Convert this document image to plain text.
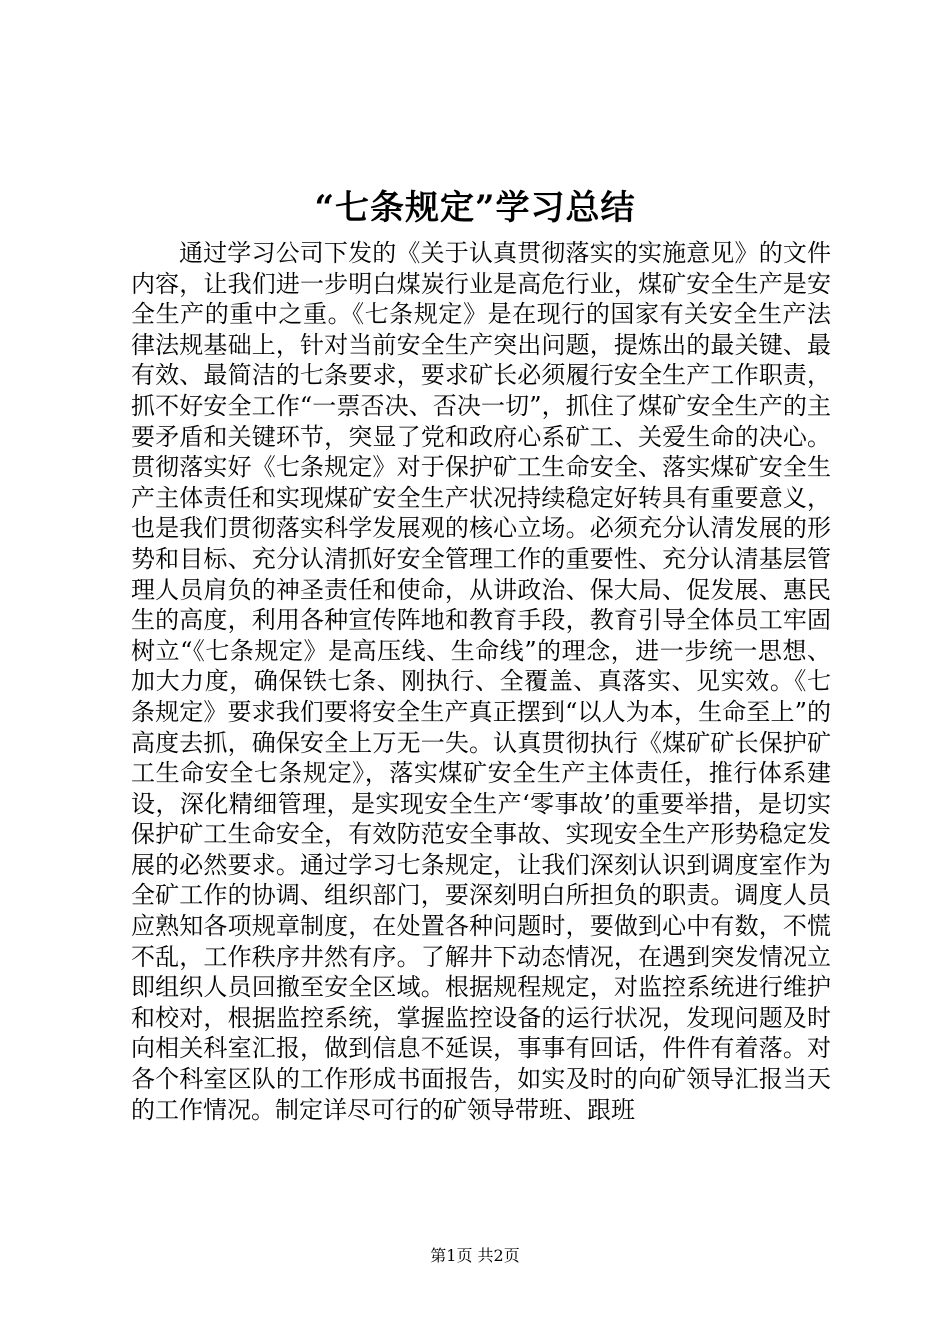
“七条规定”学习总结

通过学习公司下发的《关于认真贯彻落实的实施意见》的文件内容，让我们进一步明白煤炭行业是高危行业，煤矿安全生产是安全生产的重中之重。《七条规定》是在现行的国家有关安全生产法律法规基础上，针对当前安全生产突出问题，提炼出的最关键、最有效、最简洁的七条要求，要求矿长必须履行安全生产工作职责，抓不好安全工作“一票否决、否决一切”，抓住了煤矿安全生产的主要矛盾和关键环节，突显了党和政府心系矿工、关爱生命的决心。贯彻落实好《七条规定》对于保护矿工生命安全、落实煤矿安全生产主体责任和实现煤矿安全生产状况持续稳定好转具有重要意义，也是我们贯彻落实科学发展观的核心立场。必须充分认清发展的形势和目标、充分认清抓好安全管理工作的重要性、充分认清基层管理人员肩负的神圣责任和使命，从讲政治、保大局、促发展、惠民生的高度，利用各种宣传阵地和教育手段，教育引导全体员工牢固树立“《七条规定》是高压线、生命线”的理念，进一步统一思想、加大力度，确保铁七条、刚执行、全覆盖、真落实、见实效。《七条规定》要求我们要将安全生产真正摆到“以人为本，生命至上”的高度去抓，确保安全上万无一失。认真贯彻执行《煤矿矿长保护矿工生命安全七条规定》，落实煤矿安全生产主体责任，推行体系建设，深化精细管理，是实现安全生产‘零事故’的重要举措，是切实保护矿工生命安全，有效防范安全事故、实现安全生产形势稳定发展的必然要求。通过学习七条规定，让我们深刻认识到调度室作为全矿工作的协调、组织部门，要深刻明白所担负的职责。调度人员应熟知各项规章制度，在处置各种问题时，要做到心中有数，不慌不乱，工作秩序井然有序。了解井下动态情况，在遇到突发情况立即组织人员回撤至安全区域。根据规程规定，对监控系统进行维护和校对，根据监控系统，掌握监控设备的运行状况，发现问题及时向相关科室汇报，做到信息不延误，事事有回话，件件有着落。对各个科室区队的工作形成书面报告，如实及时的向矿领导汇报当天的工作情况。制定详尽可行的矿领导带班、跟班

第1页 共2页
